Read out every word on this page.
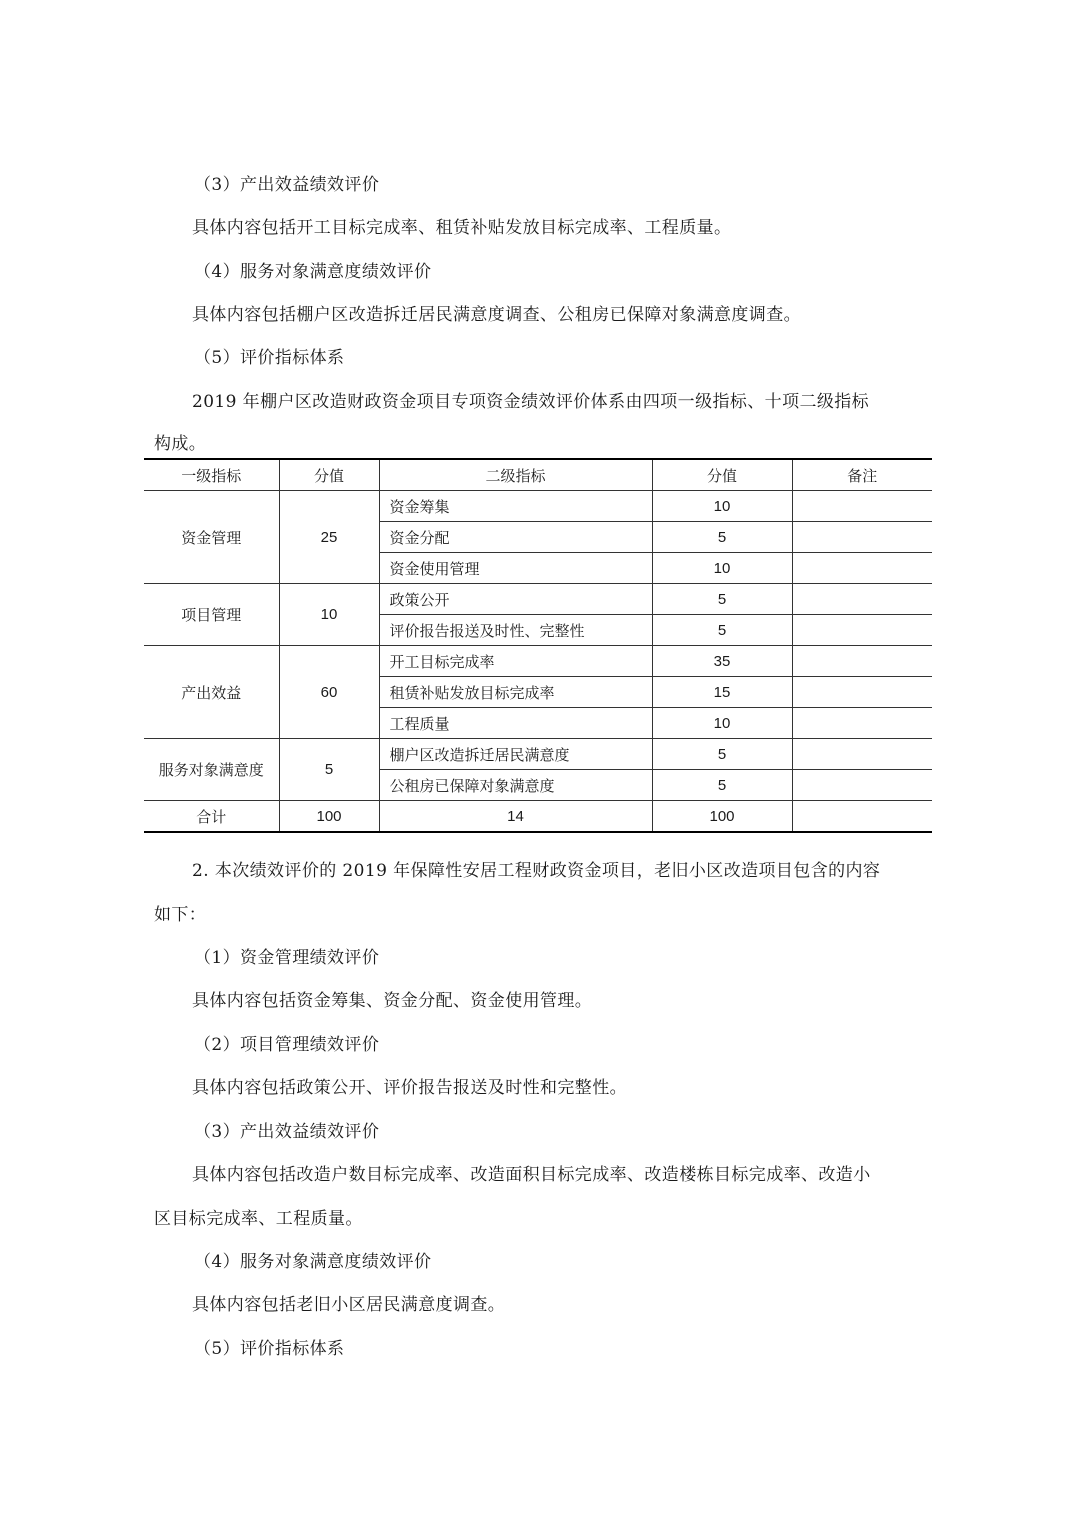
（3）产出效益绩效评价
具体内容包括开工目标完成率、租赁补贴发放目标完成率、工程质量。
（4）服务对象满意度绩效评价
具体内容包括棚户区改造拆迁居民满意度调查、公租房已保障对象满意度调查。
（5）评价指标体系
2019 年棚户区改造财政资金项目专项资金绩效评价体系由四项一级指标、十项二级指标
构成。
一级指标	分值	二级指标	分值	备注
资金管理	25	资金筹集	10	
		资金分配	5	
		资金使用管理	10	
项目管理	10	政策公开	5	
		评价报告报送及时性、完整性	5	
产出效益	60	开工目标完成率	35	
		租赁补贴发放目标完成率	15	
		工程质量	10	
服务对象满意度	5	棚户区改造拆迁居民满意度	5	
		公租房已保障对象满意度	5	
合计	100	14	100	
2. 本次绩效评价的 2019 年保障性安居工程财政资金项目，老旧小区改造项目包含的内容
如下：
（1）资金管理绩效评价
具体内容包括资金筹集、资金分配、资金使用管理。
（2）项目管理绩效评价
具体内容包括政策公开、评价报告报送及时性和完整性。
（3）产出效益绩效评价
具体内容包括改造户数目标完成率、改造面积目标完成率、改造楼栋目标完成率、改造小
区目标完成率、工程质量。
（4）服务对象满意度绩效评价
具体内容包括老旧小区居民满意度调查。
（5）评价指标体系
